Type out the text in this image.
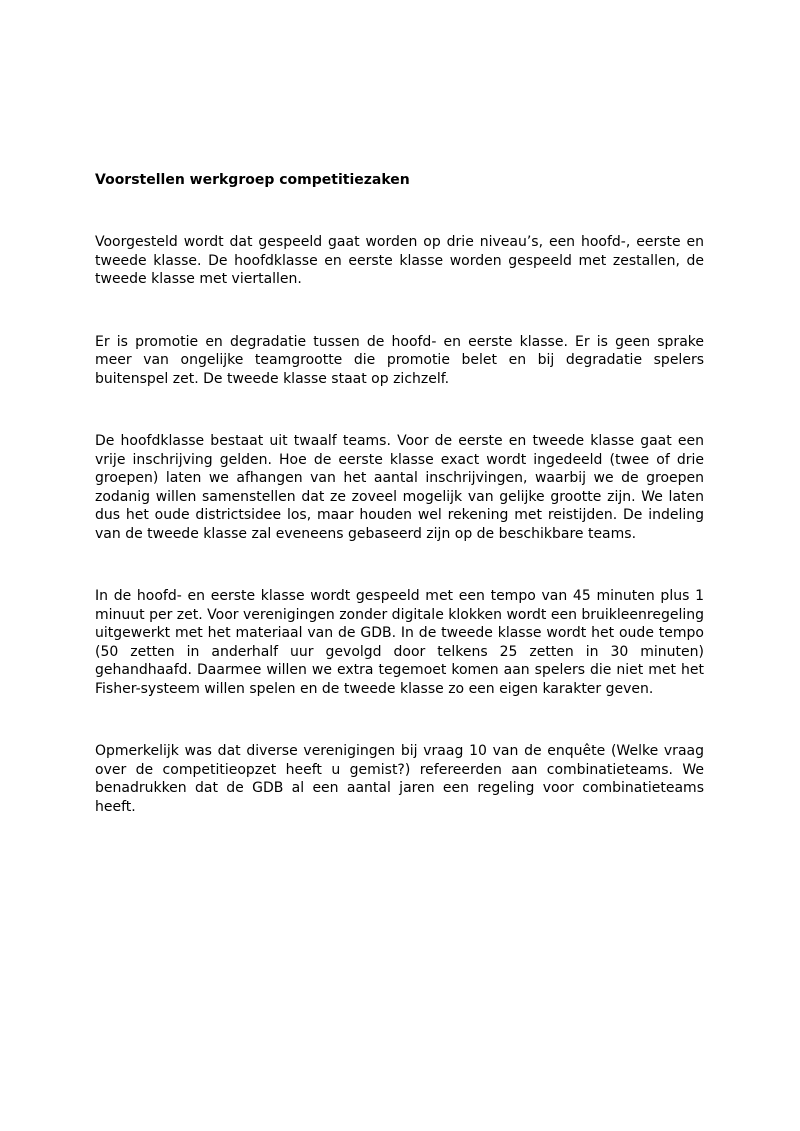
Voorstellen werkgroep competitiezaken

Voorgesteld wordt dat gespeeld gaat worden op drie niveau’s, een hoofd-, eerste en tweede klasse. De hoofdklasse en eerste klasse worden gespeeld met zestallen, de tweede klasse met viertallen.

Er is promotie en degradatie tussen de hoofd- en eerste klasse. Er is geen sprake meer van ongelijke teamgrootte die promotie belet en bij degradatie spelers buitenspel zet. De tweede klasse staat op zichzelf.

De hoofdklasse bestaat uit twaalf teams. Voor de eerste en tweede klasse gaat een vrije inschrijving gelden. Hoe de eerste klasse exact wordt ingedeeld (twee of drie groepen) laten we afhangen van het aantal inschrijvingen, waarbij we de groepen zodanig willen samenstellen dat ze zoveel mogelijk van gelijke grootte zijn. We laten dus het oude districtsidee los, maar houden wel rekening met reistijden. De indeling van de tweede klasse zal eveneens gebaseerd zijn op de beschikbare teams.

In de hoofd- en eerste klasse wordt gespeeld met een tempo van 45 minuten plus 1 minuut per zet. Voor verenigingen zonder digitale klokken wordt een bruikleenregeling uitgewerkt met het materiaal van de GDB. In de tweede klasse wordt het oude tempo (50 zetten in anderhalf uur gevolgd door telkens 25 zetten in 30 minuten) gehandhaafd. Daarmee willen we extra tegemoet komen aan spelers die niet met het Fisher-systeem willen spelen en de tweede klasse zo een eigen karakter geven.

Opmerkelijk was dat diverse verenigingen bij vraag 10 van de enquête (Welke vraag over de competitieopzet heeft u gemist?) refereerden aan combinatieteams. We benadrukken dat de GDB al een aantal jaren een regeling voor combinatieteams heeft.
